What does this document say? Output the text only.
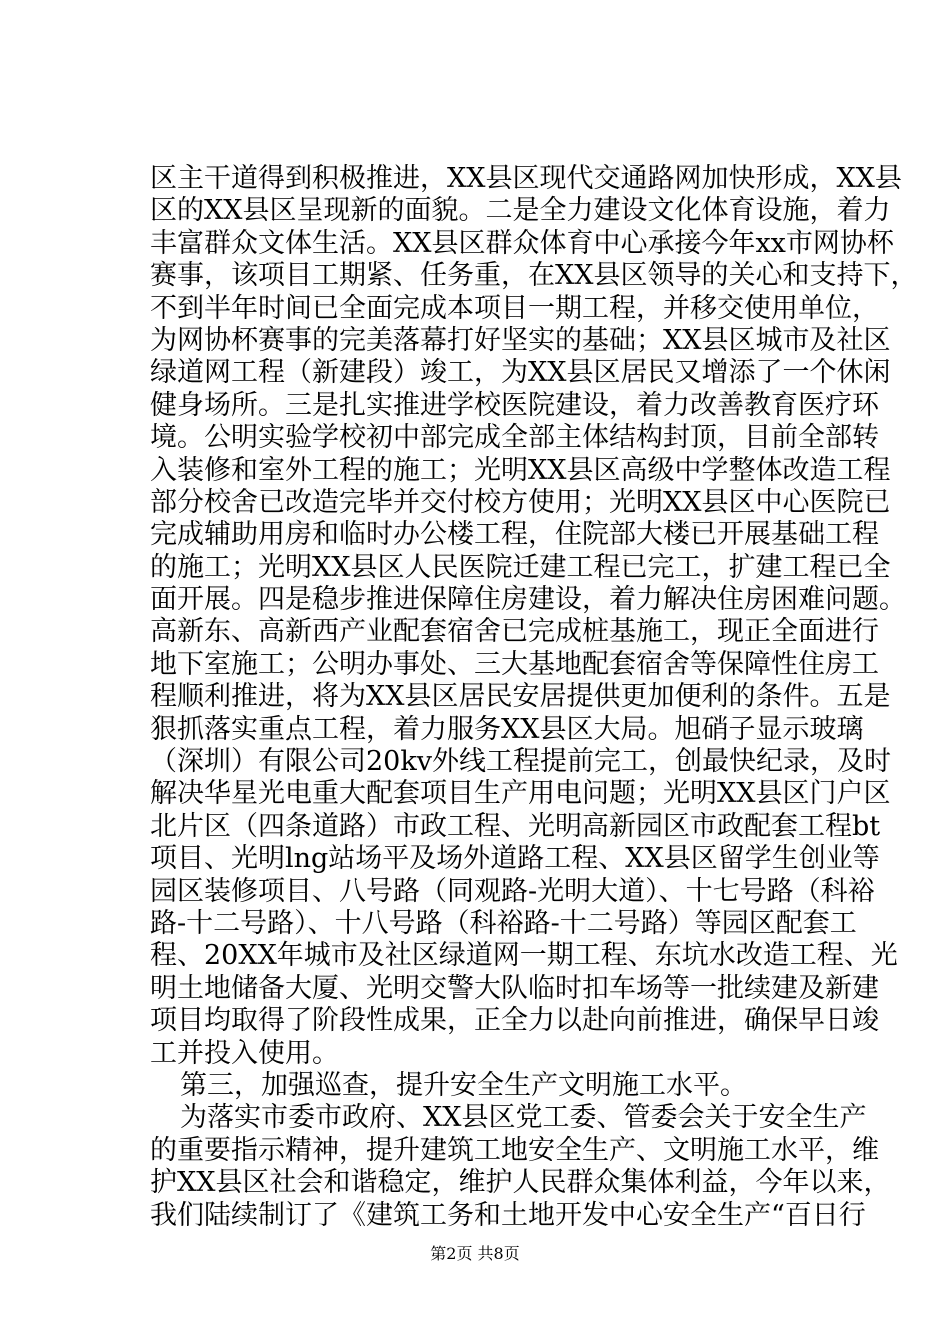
区主干道得到积极推进，XX县区现代交通路网加快形成，XX县
区的XX县区呈现新的面貌。二是全力建设文化体育设施，着力
丰富群众文体生活。XX县区群众体育中心承接今年xx市网协杯
赛事，该项目工期紧、任务重，在XX县区领导的关心和支持下，
不到半年时间已全面完成本项目一期工程，并移交使用单位，
为网协杯赛事的完美落幕打好坚实的基础；XX县区城市及社区
绿道网工程（新建段）竣工，为XX县区居民又增添了一个休闲
健身场所。三是扎实推进学校医院建设，着力改善教育医疗环
境。公明实验学校初中部完成全部主体结构封顶，目前全部转
入装修和室外工程的施工；光明XX县区高级中学整体改造工程
部分校舍已改造完毕并交付校方使用；光明XX县区中心医院已
完成辅助用房和临时办公楼工程，住院部大楼已开展基础工程
的施工；光明XX县区人民医院迁建工程已完工，扩建工程已全
面开展。四是稳步推进保障住房建设，着力解决住房困难问题。
高新东、高新西产业配套宿舍已完成桩基施工，现正全面进行
地下室施工；公明办事处、三大基地配套宿舍等保障性住房工
程顺利推进，将为XX县区居民安居提供更加便利的条件。五是
狠抓落实重点工程，着力服务XX县区大局。旭硝子显示玻璃
（深圳）有限公司20kv外线工程提前完工，创最快纪录，及时
解决华星光电重大配套项目生产用电问题；光明XX县区门户区
北片区（四条道路）市政工程、光明高新园区市政配套工程bt
项目、光明lng站场平及场外道路工程、XX县区留学生创业等
园区装修项目、八号路（同观路-光明大道）、十七号路（科裕
路-十二号路）、十八号路（科裕路-十二号路）等园区配套工
程、20XX年城市及社区绿道网一期工程、东坑水改造工程、光
明土地储备大厦、光明交警大队临时扣车场等一批续建及新建
项目均取得了阶段性成果，正全力以赴向前推进，确保早日竣
工并投入使用。
第三，加强巡查，提升安全生产文明施工水平。
为落实市委市政府、XX县区党工委、管委会关于安全生产
的重要指示精神，提升建筑工地安全生产、文明施工水平，维
护XX县区社会和谐稳定，维护人民群众集体利益，今年以来，
我们陆续制订了《建筑工务和土地开发中心安全生产“百日行
第2页 共8页
